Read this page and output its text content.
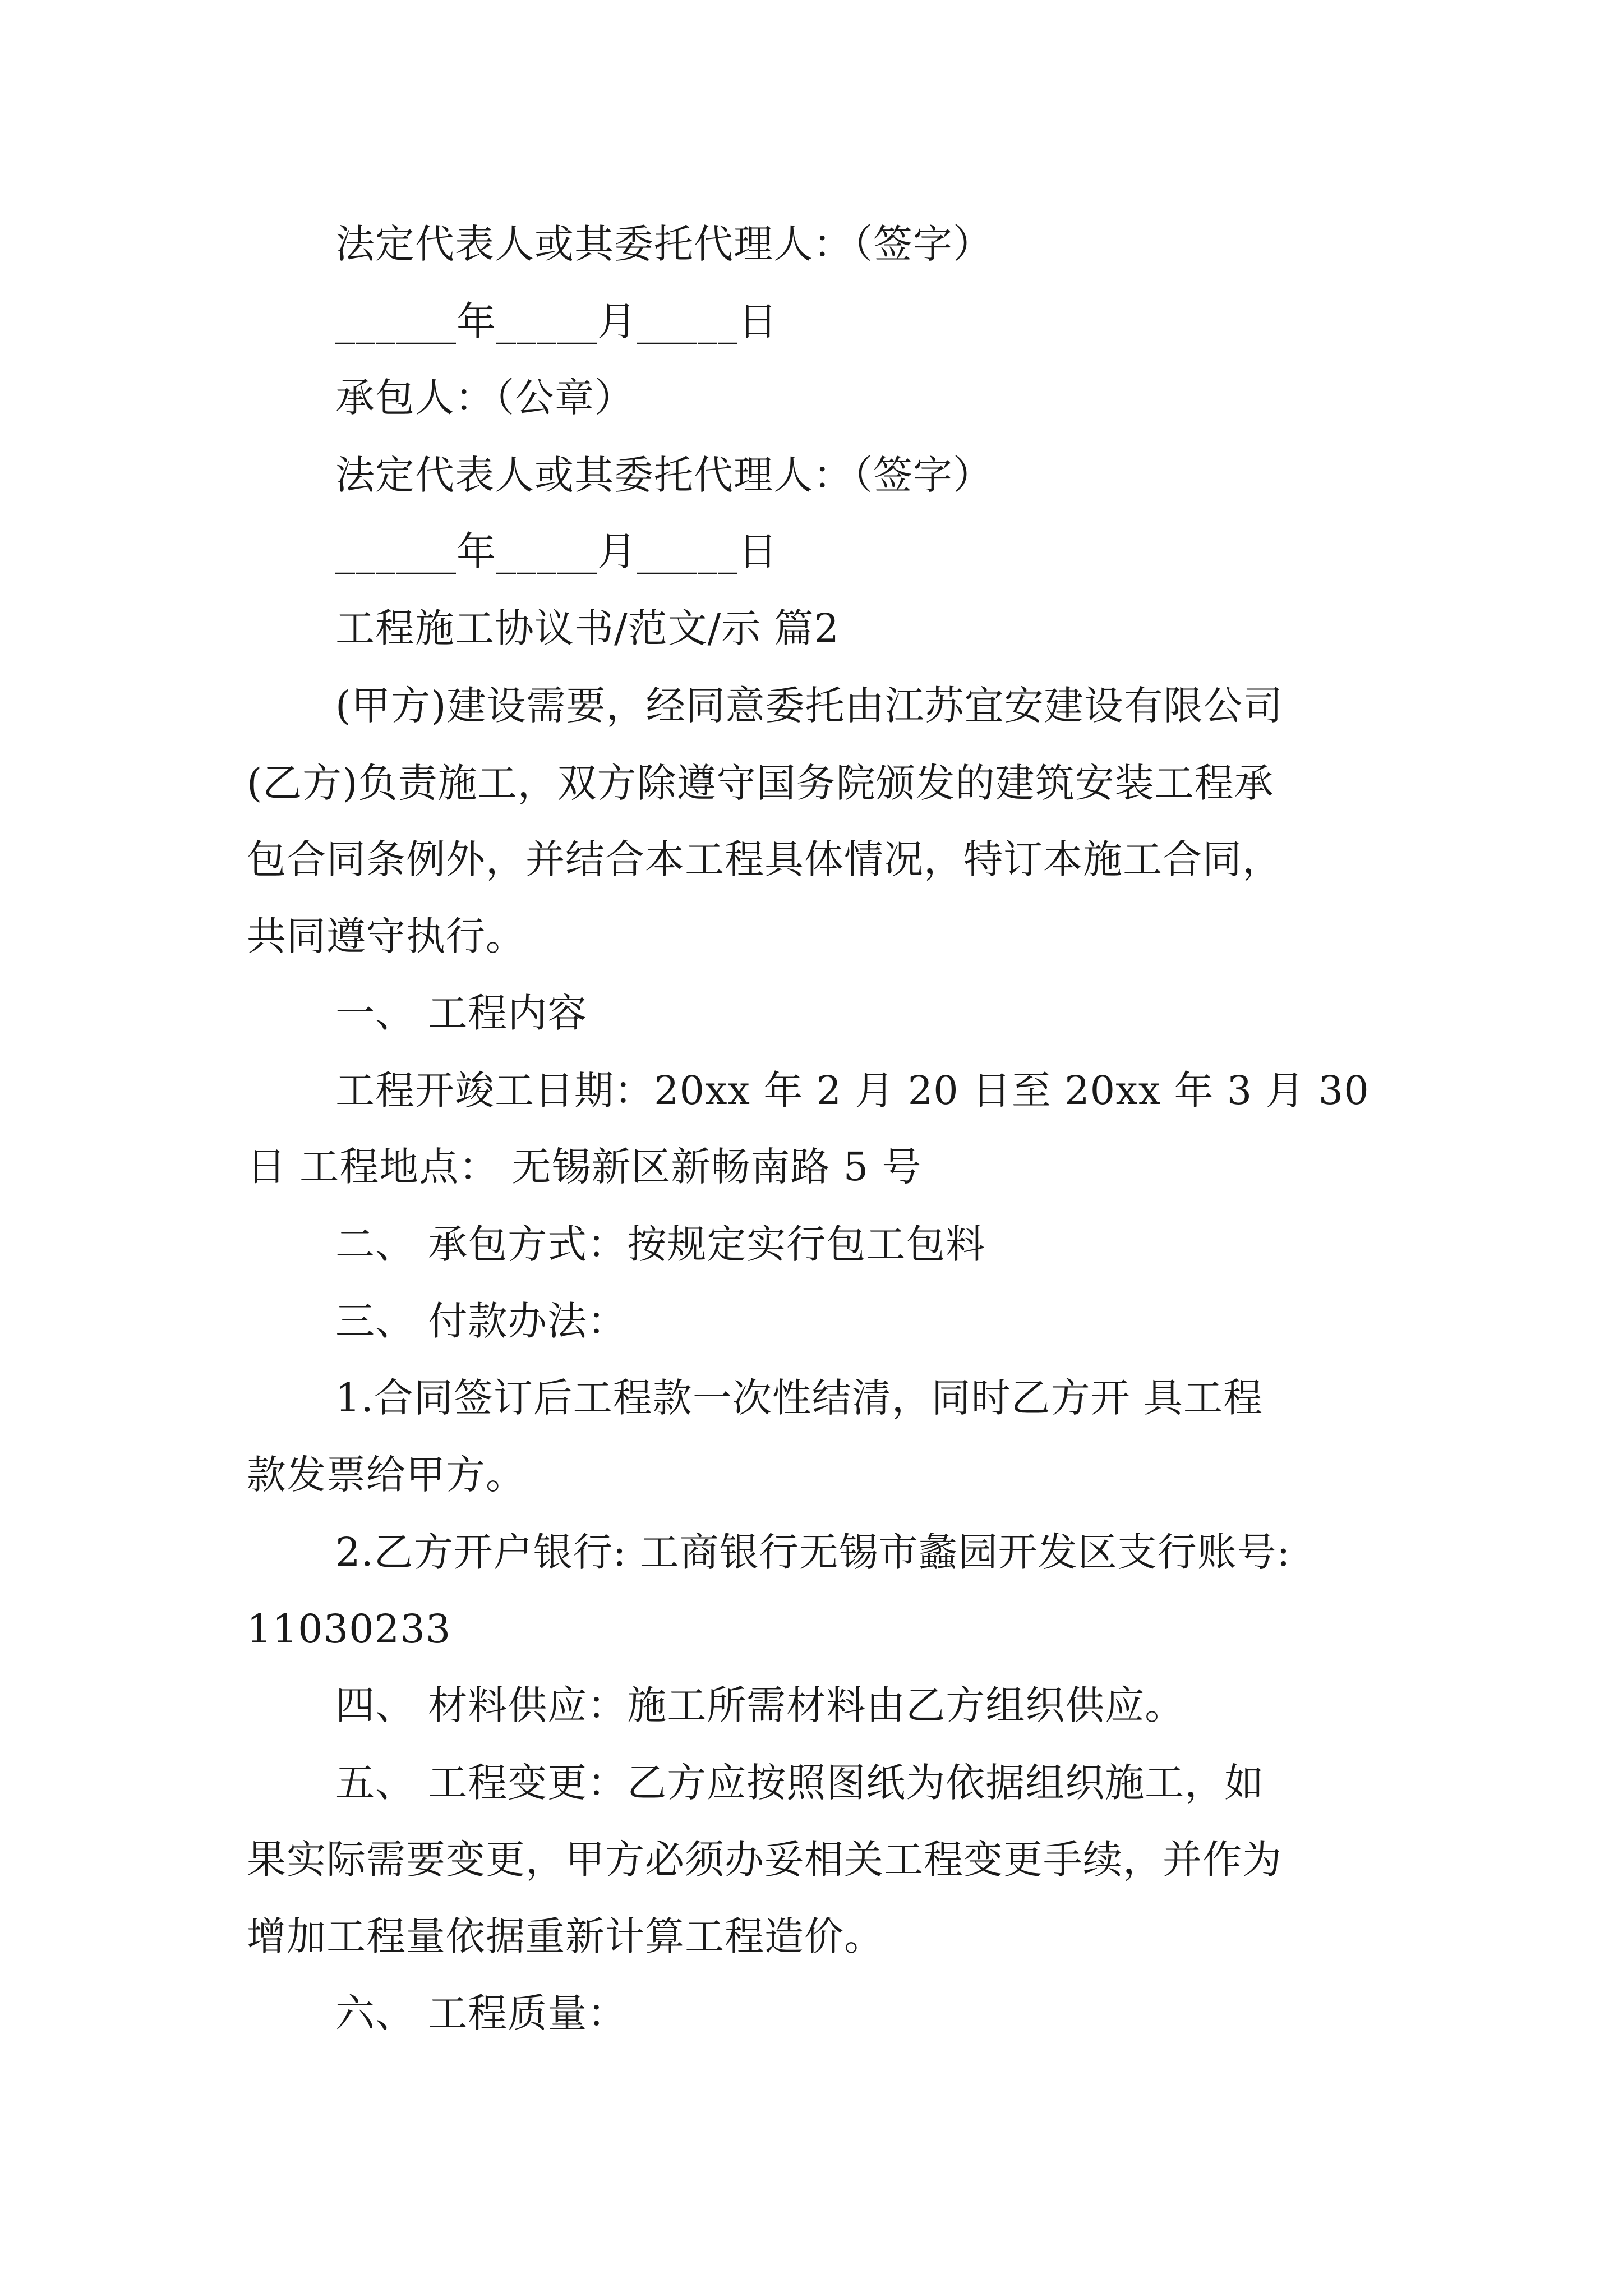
法定代表人或其委托代理人：（签字）
______年_____月_____日
承包人：（公章）
法定代表人或其委托代理人：（签字）
______年_____月_____日
工程施工协议书/范文/示 篇2
(甲方)建设需要，经同意委托由江苏宜安建设有限公司
(乙方)负责施工，双方除遵守国务院颁发的建筑安装工程承
包合同条例外，并结合本工程具体情况，特订本施工合同，
共同遵守执行。
一、 工程内容
工程开竣工日期：20xx 年 2 月 20 日至 20xx 年 3 月 30
日 工程地点： 无锡新区新畅南路 5 号
二、 承包方式：按规定实行包工包料
三、 付款办法：
1.合同签订后工程款一次性结清，同时乙方开 具工程
款发票给甲方。
2.乙方开户银行: 工商银行无锡市蠡园开发区支行账号:
11030233
四、 材料供应：施工所需材料由乙方组织供应。
五、 工程变更：乙方应按照图纸为依据组织施工，如
果实际需要变更，甲方必须办妥相关工程变更手续，并作为
增加工程量依据重新计算工程造价。
六、 工程质量：
